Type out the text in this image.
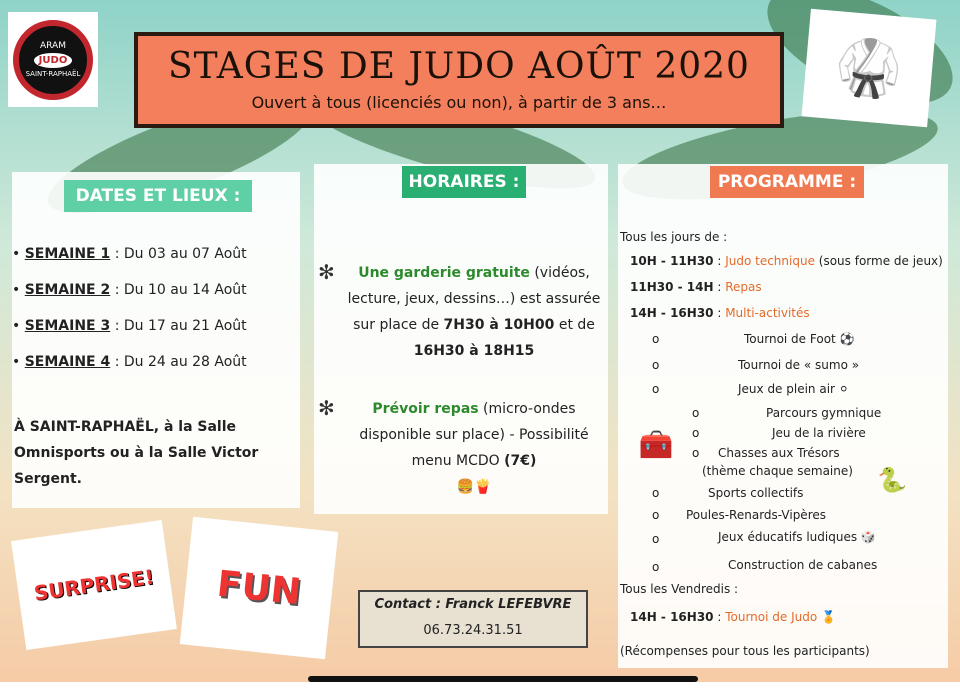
ARAM
JUDO
SAINT-RAPHAËL	STAGES DE JUDO AOÛT 2020
Ouvert à tous (licenciés ou non), à partir de 3 ans…
🥋
DATES ET LIEUX :
• SEMAINE 1 : Du 03 au 07 Août
• SEMAINE 2 : Du 10 au 14 Août
• SEMAINE 3 : Du 17 au 21 Août
• SEMAINE 4 : Du 24 au 28 Août
À SAINT-RAPHAËL, à la Salle Omnisports ou à la Salle Victor Sergent.
HORAIRES :
✻	Une garderie gratuite (vidéos, lecture, jeux, dessins…) est assurée sur place de 7H30 à 10H00 et de 16H30 à 18H15
✻	Prévoir repas (micro-ondes disponible sur place) - Possibilité menu MCDO (7€)
🍔🍟
PROGRAMME :
Tous les jours de :
10H - 11H30 : Judo technique (sous forme de jeux)
11H30 - 14H : Repas
14H - 16H30 : Multi-activités
o	Tournoi de Foot ⚽
o	Tournoi de « sumo »
o	Jeux de plein air ⚪
o	Parcours gymnique
o	Jeu de la rivière
o Chasses aux Trésors
(thème chaque semaine)
o	Sports collectifs
o Poules-Renards-Vipères
o	Jeux éducatifs ludiques 🎲
o	Construction de cabanes
🧰
🐍
Tous les Vendredis :
14H - 16H30 : Tournoi de Judo 🏅
(Récompenses pour tous les participants)
SURPRISE! FUN	Contact : Franck LEFEBVRE
06.73.24.31.51
